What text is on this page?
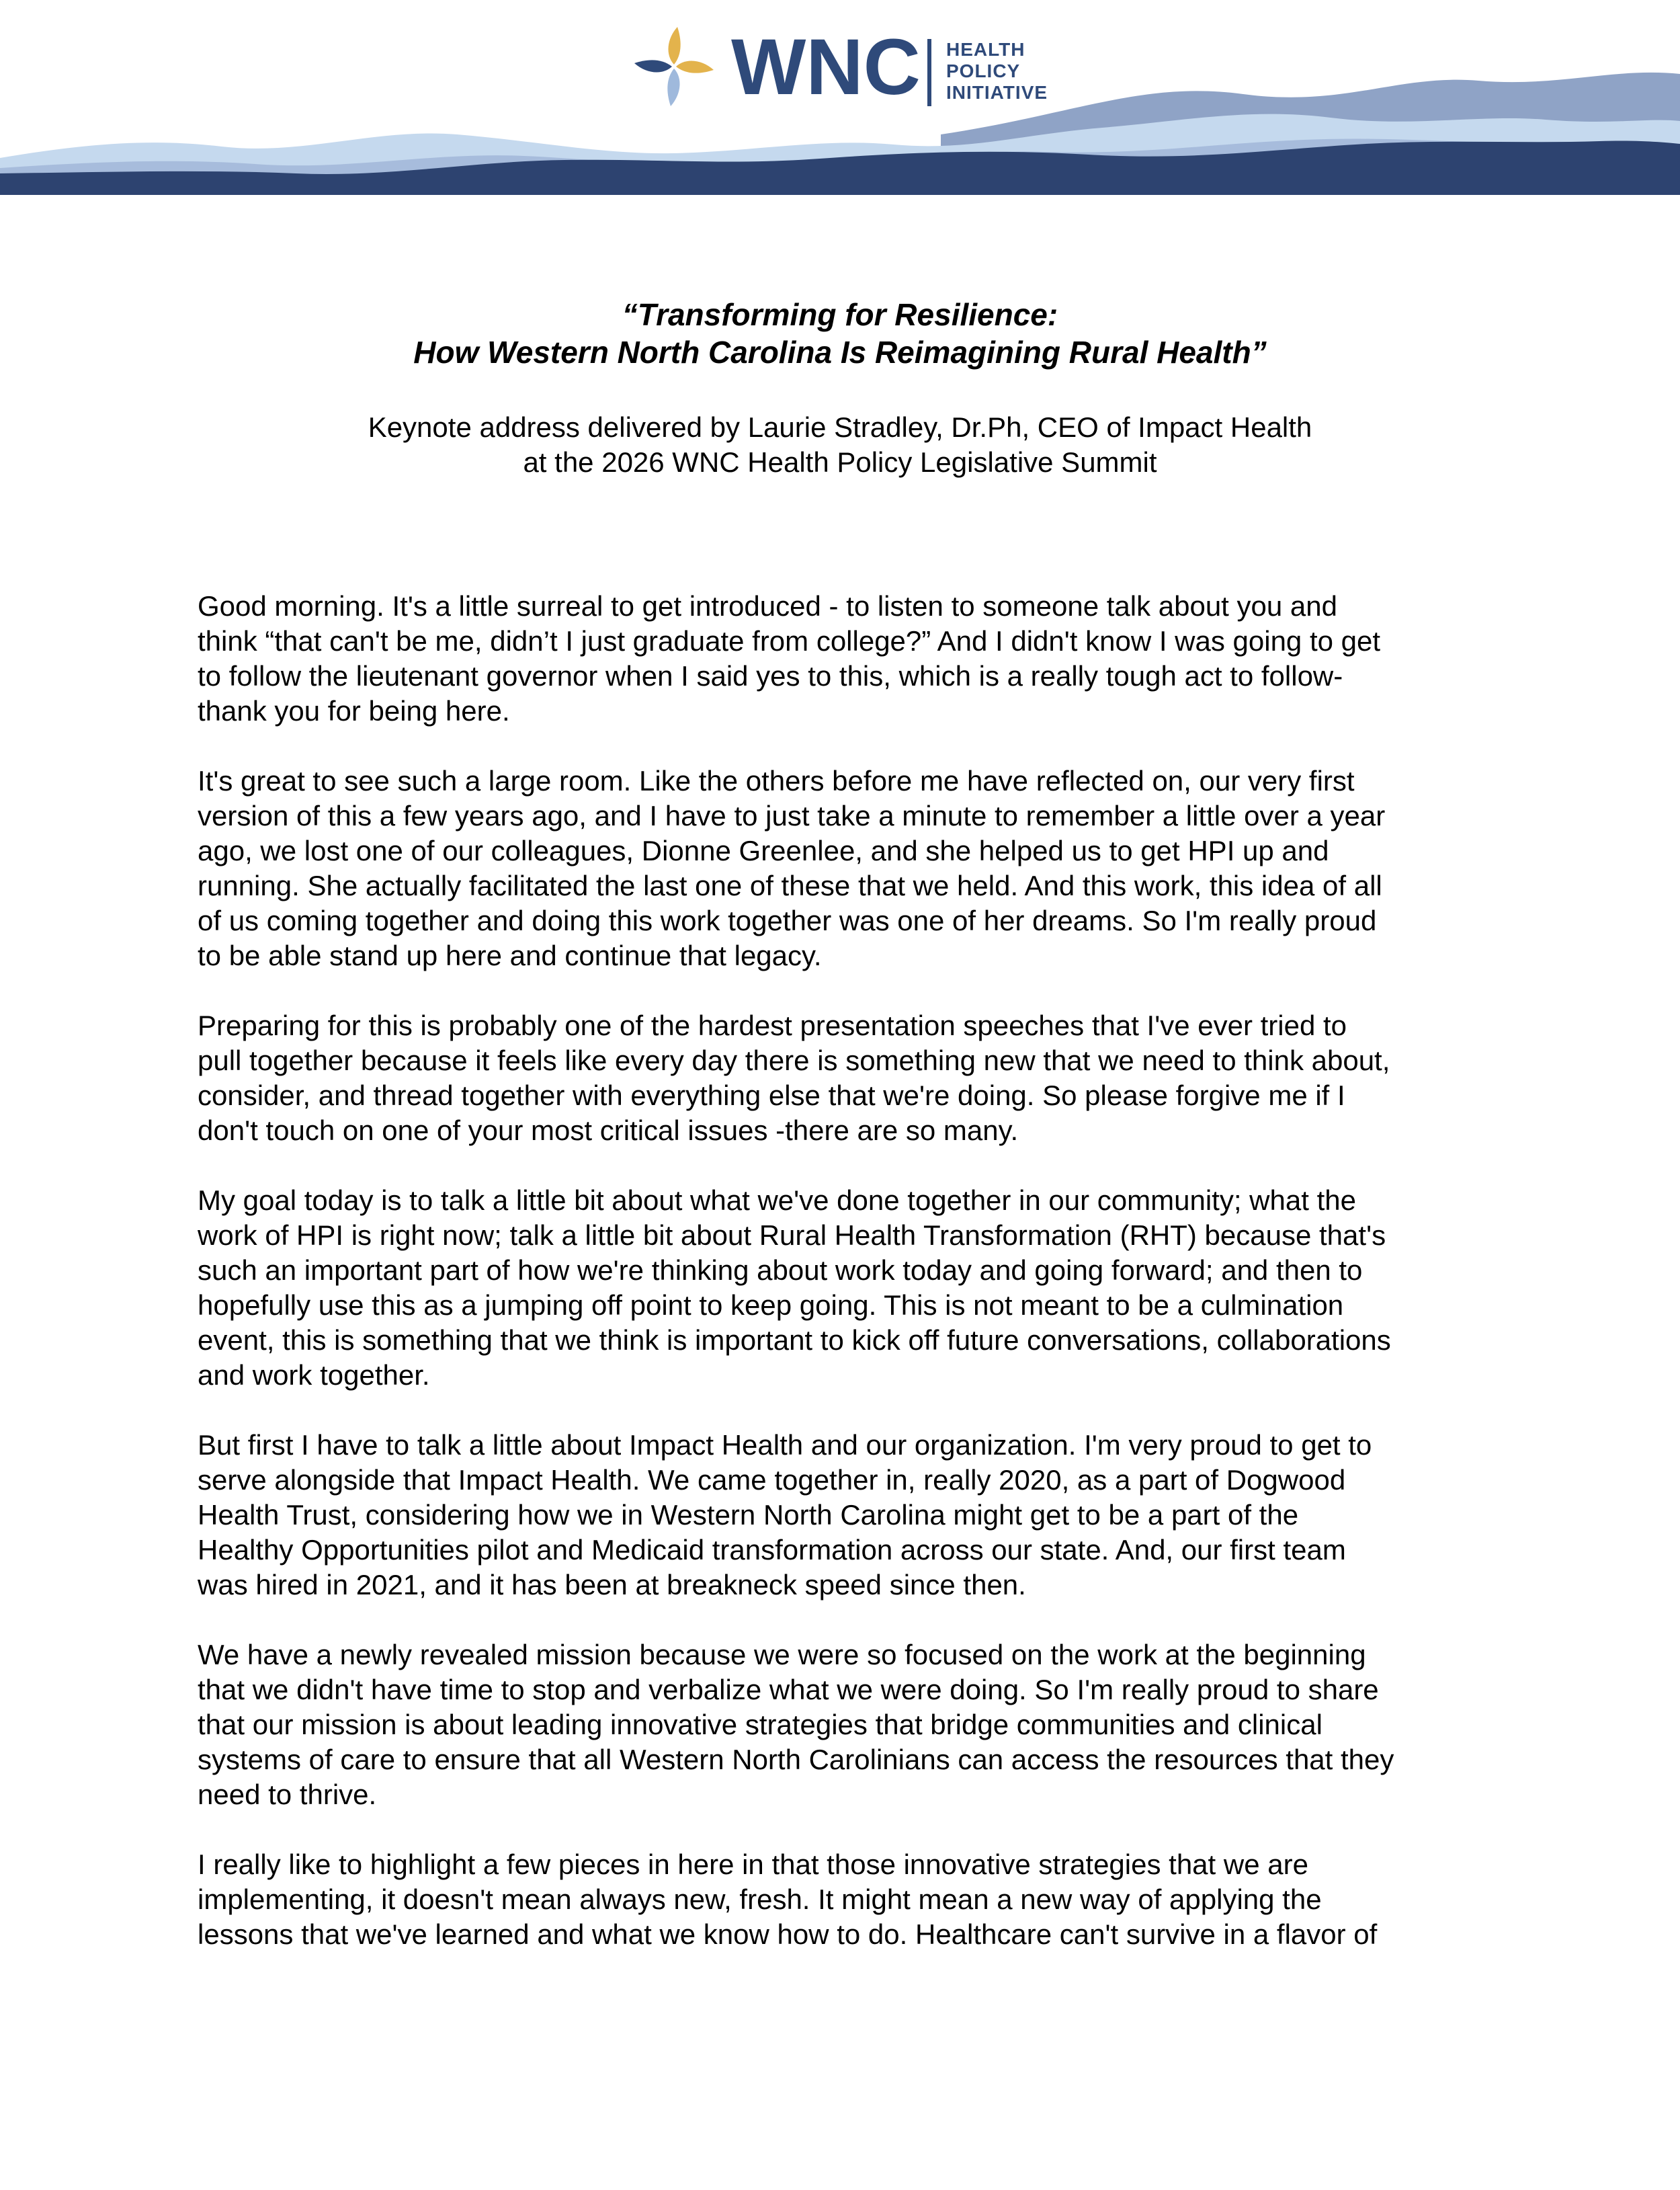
WNC HEALTH
POLICY
INITIATIVE
“Transforming for Resilience:
How Western North Carolina Is Reimagining Rural Health”
Keynote address delivered by Laurie Stradley, Dr.Ph, CEO of Impact Health
at the 2026 WNC Health Policy Legislative Summit

Good morning. It's a little surreal to get introduced - to listen to someone talk about you and
think “that can't be me, didn’t I just graduate from college?” And I didn't know I was going to get
to follow the lieutenant governor when I said yes to this, which is a really tough act to follow-
thank you for being here.

It's great to see such a large room. Like the others before me have reflected on, our very first
version of this a few years ago, and I have to just take a minute to remember a little over a year
ago, we lost one of our colleagues, Dionne Greenlee, and she helped us to get HPI up and
running. She actually facilitated the last one of these that we held. And this work, this idea of all
of us coming together and doing this work together was one of her dreams. So I'm really proud
to be able stand up here and continue that legacy.

Preparing for this is probably one of the hardest presentation speeches that I've ever tried to
pull together because it feels like every day there is something new that we need to think about,
consider, and thread together with everything else that we're doing. So please forgive me if I
don't touch on one of your most critical issues -there are so many.

My goal today is to talk a little bit about what we've done together in our community; what the
work of HPI is right now; talk a little bit about Rural Health Transformation (RHT) because that's
such an important part of how we're thinking about work today and going forward; and then to
hopefully use this as a jumping off point to keep going. This is not meant to be a culmination
event, this is something that we think is important to kick off future conversations, collaborations
and work together.

But first I have to talk a little about Impact Health and our organization. I'm very proud to get to
serve alongside that Impact Health. We came together in, really 2020, as a part of Dogwood
Health Trust, considering how we in Western North Carolina might get to be a part of the
Healthy Opportunities pilot and Medicaid transformation across our state. And, our first team
was hired in 2021, and it has been at breakneck speed since then.

We have a newly revealed mission because we were so focused on the work at the beginning
that we didn't have time to stop and verbalize what we were doing. So I'm really proud to share
that our mission is about leading innovative strategies that bridge communities and clinical
systems of care to ensure that all Western North Carolinians can access the resources that they
need to thrive.

I really like to highlight a few pieces in here in that those innovative strategies that we are
implementing, it doesn't mean always new, fresh. It might mean a new way of applying the
lessons that we've learned and what we know how to do. Healthcare can't survive in a flavor of
